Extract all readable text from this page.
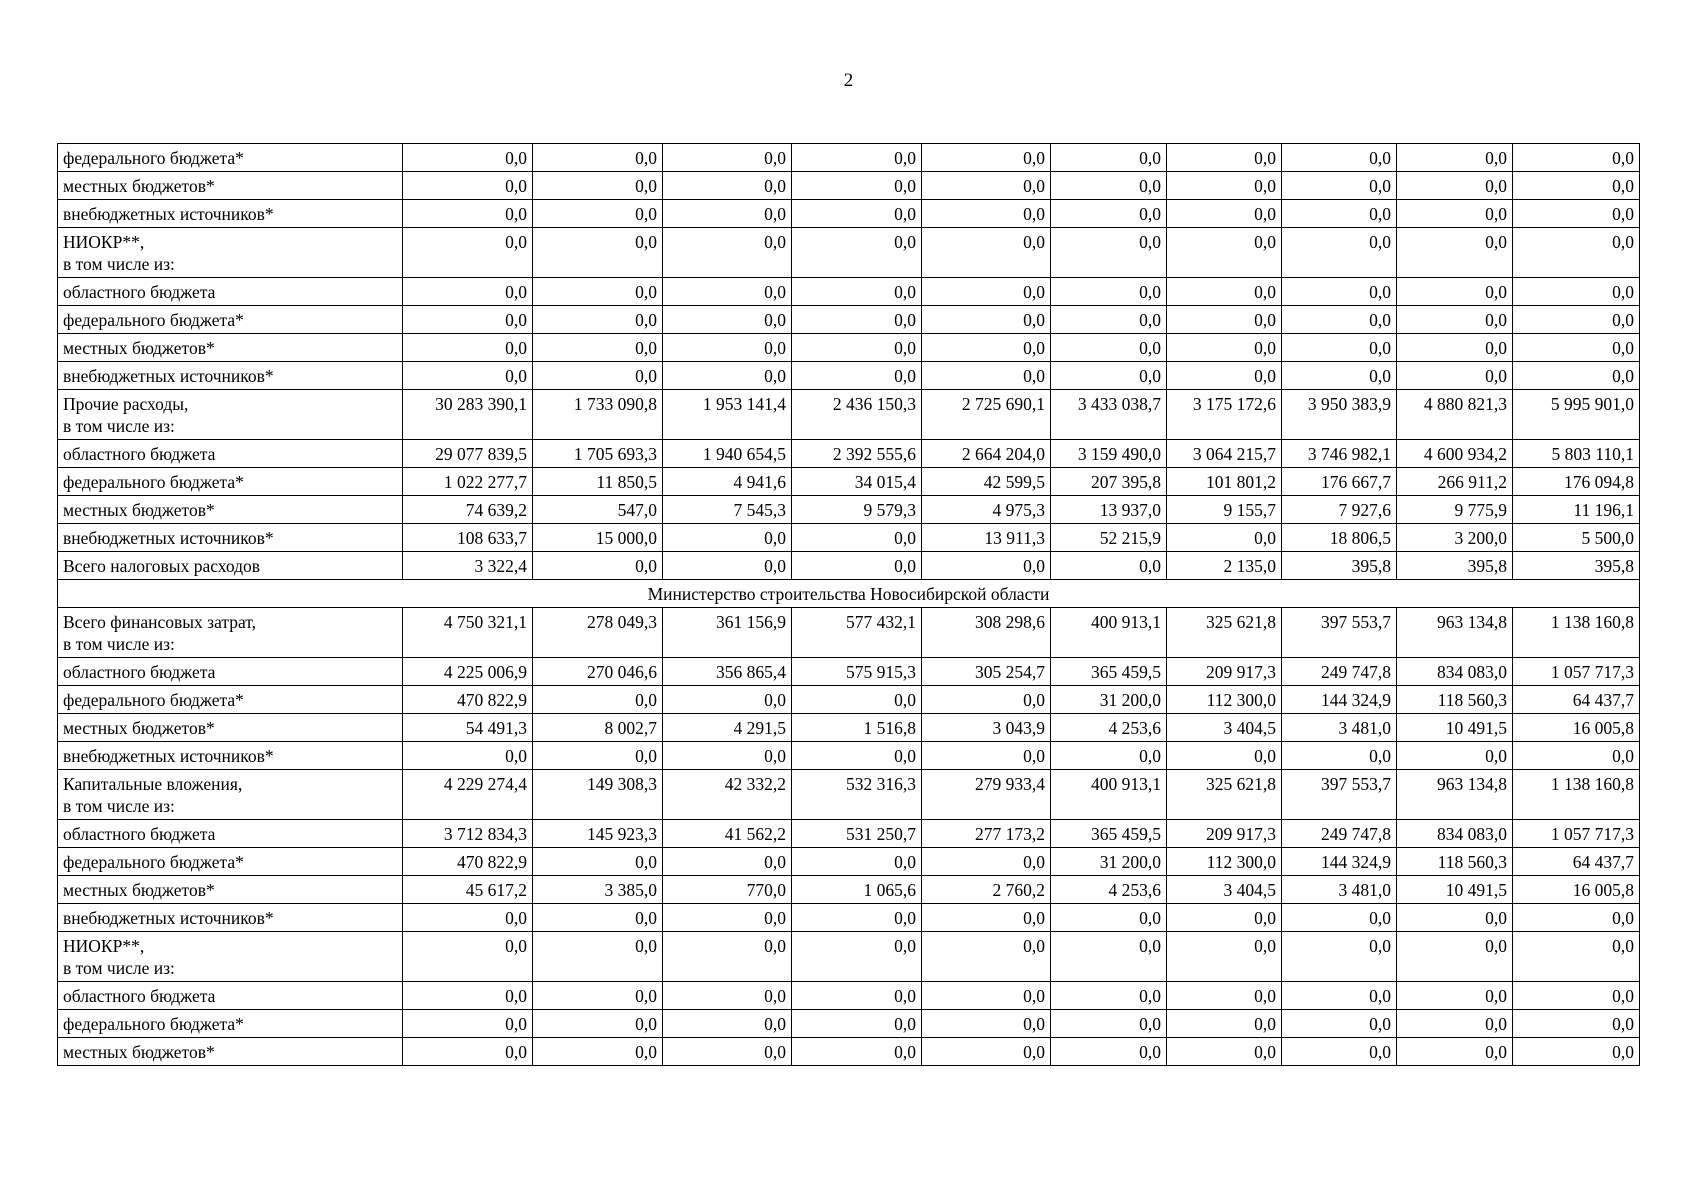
2
федерального бюджета*	0,0	0,0	0,0	0,0	0,0	0,0	0,0	0,0	0,0	0,0

местных бюджетов*	0,0	0,0	0,0	0,0	0,0	0,0	0,0	0,0	0,0	0,0

внебюджетных источников*	0,0	0,0	0,0	0,0	0,0	0,0	0,0	0,0	0,0	0,0

НИОКР**,
в том числе из:	0,0	0,0	0,0	0,0	0,0	0,0	0,0	0,0	0,0	0,0

областного бюджета	0,0	0,0	0,0	0,0	0,0	0,0	0,0	0,0	0,0	0,0

федерального бюджета*	0,0	0,0	0,0	0,0	0,0	0,0	0,0	0,0	0,0	0,0

местных бюджетов*	0,0	0,0	0,0	0,0	0,0	0,0	0,0	0,0	0,0	0,0

внебюджетных источников*	0,0	0,0	0,0	0,0	0,0	0,0	0,0	0,0	0,0	0,0

Прочие расходы,
в том числе из:	30 283 390,1	1 733 090,8	1 953 141,4	2 436 150,3	2 725 690,1	3 433 038,7	3 175 172,6	3 950 383,9	4 880 821,3	5 995 901,0

областного бюджета	29 077 839,5	1 705 693,3	1 940 654,5	2 392 555,6	2 664 204,0	3 159 490,0	3 064 215,7	3 746 982,1	4 600 934,2	5 803 110,1

федерального бюджета*	1 022 277,7	11 850,5	4 941,6	34 015,4	42 599,5	207 395,8	101 801,2	176 667,7	266 911,2	176 094,8

местных бюджетов*	74 639,2	547,0	7 545,3	9 579,3	4 975,3	13 937,0	9 155,7	7 927,6	9 775,9	11 196,1

внебюджетных источников*	108 633,7	15 000,0	0,0	0,0	13 911,3	52 215,9	0,0	18 806,5	3 200,0	5 500,0

Всего налоговых расходов	3 322,4	0,0	0,0	0,0	0,0	0,0	2 135,0	395,8	395,8	395,8
Министерство строительства Новосибирской области										

Всего финансовых затрат,
в том числе из:	4 750 321,1	278 049,3	361 156,9	577 432,1	308 298,6	400 913,1	325 621,8	397 553,7	963 134,8	1 138 160,8

областного бюджета	4 225 006,9	270 046,6	356 865,4	575 915,3	305 254,7	365 459,5	209 917,3	249 747,8	834 083,0	1 057 717,3

федерального бюджета*	470 822,9	0,0	0,0	0,0	0,0	31 200,0	112 300,0	144 324,9	118 560,3	64 437,7

местных бюджетов*	54 491,3	8 002,7	4 291,5	1 516,8	3 043,9	4 253,6	3 404,5	3 481,0	10 491,5	16 005,8

внебюджетных источников*	0,0	0,0	0,0	0,0	0,0	0,0	0,0	0,0	0,0	0,0

Капитальные вложения,
в том числе из:	4 229 274,4	149 308,3	42 332,2	532 316,3	279 933,4	400 913,1	325 621,8	397 553,7	963 134,8	1 138 160,8

областного бюджета	3 712 834,3	145 923,3	41 562,2	531 250,7	277 173,2	365 459,5	209 917,3	249 747,8	834 083,0	1 057 717,3

федерального бюджета*	470 822,9	0,0	0,0	0,0	0,0	31 200,0	112 300,0	144 324,9	118 560,3	64 437,7

местных бюджетов*	45 617,2	3 385,0	770,0	1 065,6	2 760,2	4 253,6	3 404,5	3 481,0	10 491,5	16 005,8

внебюджетных источников*	0,0	0,0	0,0	0,0	0,0	0,0	0,0	0,0	0,0	0,0

НИОКР**,
в том числе из:	0,0	0,0	0,0	0,0	0,0	0,0	0,0	0,0	0,0	0,0

областного бюджета	0,0	0,0	0,0	0,0	0,0	0,0	0,0	0,0	0,0	0,0

федерального бюджета*	0,0	0,0	0,0	0,0	0,0	0,0	0,0	0,0	0,0	0,0

местных бюджетов*	0,0	0,0	0,0	0,0	0,0	0,0	0,0	0,0	0,0	0,0
